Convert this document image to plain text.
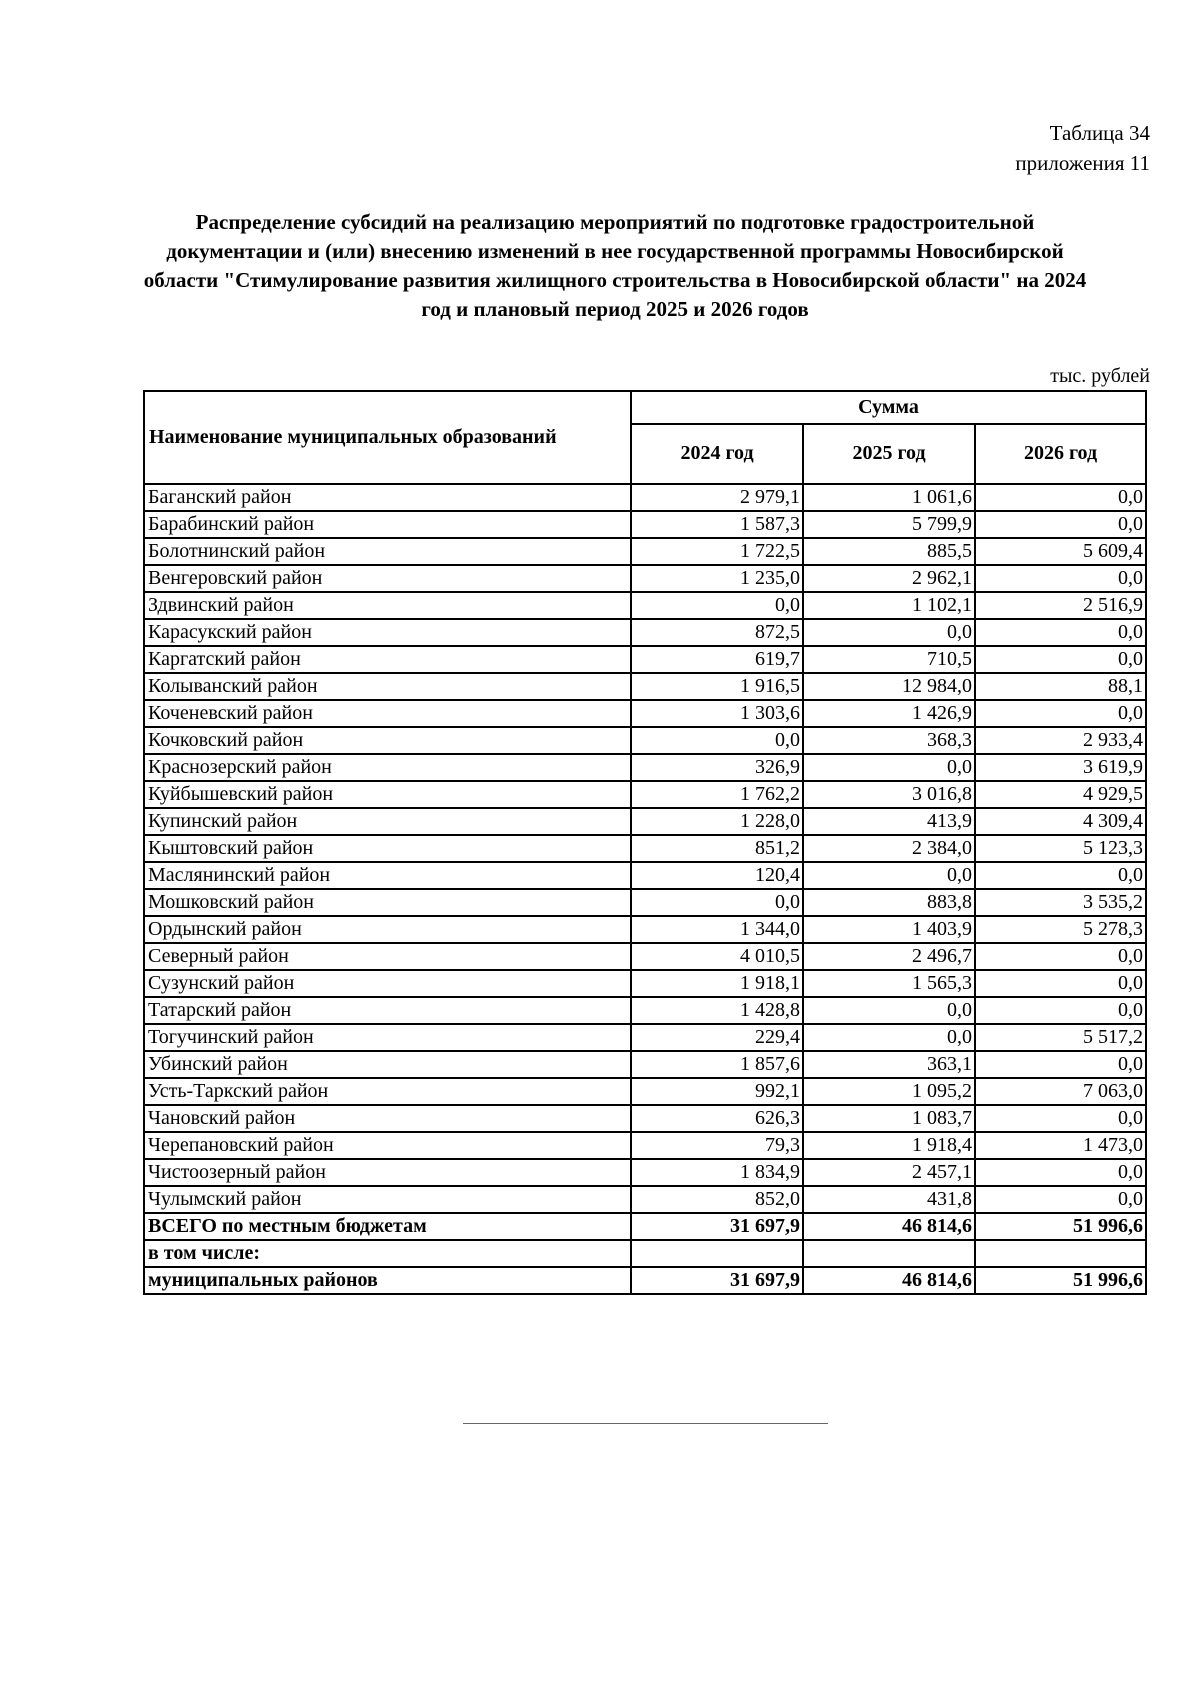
Таблица 34
приложения 11
Распределение субсидий на реализацию мероприятий по подготовке градостроительной документации и (или) внесению изменений в нее государственной программы Новосибирской области "Стимулирование развития жилищного строительства в Новосибирской области" на 2024 год и плановый период 2025 и 2026 годов
тыс. рублей
Наименование муниципальных образований	Сумма		
	2024 год	2025 год	2026 год
Баганский район	2 979,1	1 061,6	0,0
Барабинский район	1 587,3	5 799,9	0,0
Болотнинский район	1 722,5	885,5	5 609,4
Венгеровский район	1 235,0	2 962,1	0,0
Здвинский район	0,0	1 102,1	2 516,9
Карасукский район	872,5	0,0	0,0
Каргатский район	619,7	710,5	0,0
Колыванский район	1 916,5	12 984,0	88,1
Коченевский район	1 303,6	1 426,9	0,0
Кочковский район	0,0	368,3	2 933,4
Краснозерский район	326,9	0,0	3 619,9
Куйбышевский район	1 762,2	3 016,8	4 929,5
Купинский район	1 228,0	413,9	4 309,4
Кыштовский район	851,2	2 384,0	5 123,3
Маслянинский район	120,4	0,0	0,0
Мошковский район	0,0	883,8	3 535,2
Ордынский район	1 344,0	1 403,9	5 278,3
Северный район	4 010,5	2 496,7	0,0
Сузунский район	1 918,1	1 565,3	0,0
Татарский район	1 428,8	0,0	0,0
Тогучинский район	229,4	0,0	5 517,2
Убинский район	1 857,6	363,1	0,0
Усть-Таркский район	992,1	1 095,2	7 063,0
Чановский район	626,3	1 083,7	0,0
Черепановский район	79,3	1 918,4	1 473,0
Чистоозерный район	1 834,9	2 457,1	0,0
Чулымский район	852,0	431,8	0,0
ВСЕГО по местным бюджетам	31 697,9	46 814,6	51 996,6
в том числе:			
муниципальных районов	31 697,9	46 814,6	51 996,6
